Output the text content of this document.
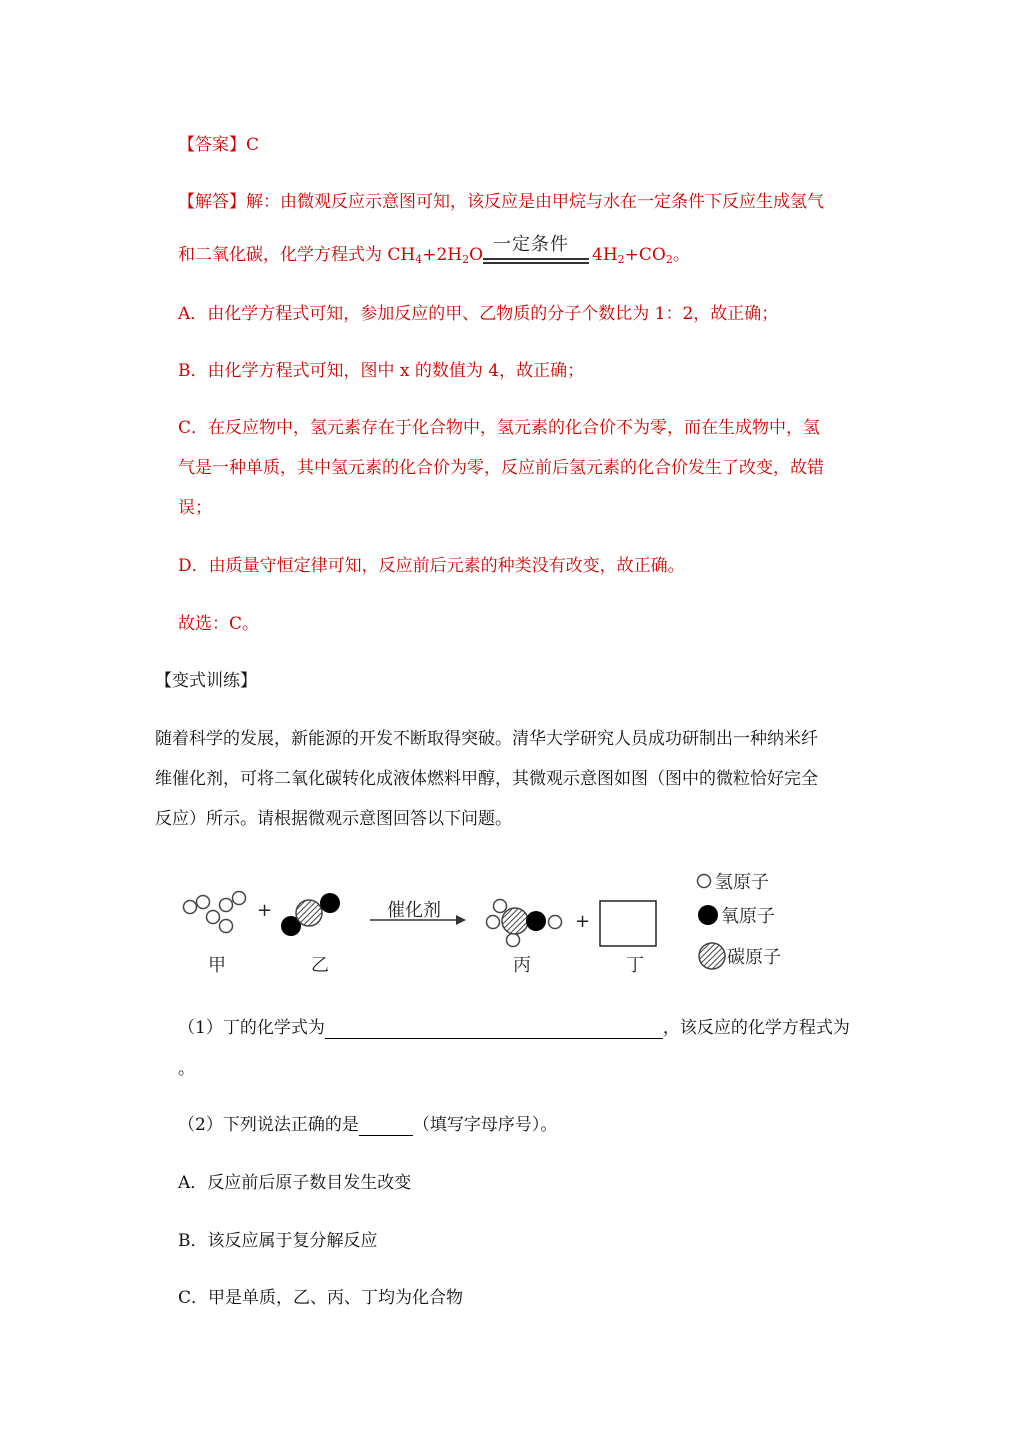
【答案】C
【解答】解：由微观反应示意图可知，该反应是由甲烷与水在一定条件下反应生成氢气
和二氧化碳，化学方程式为 $CH_4+2H_2O$ 一定条件 $4H_2+CO_2$。
A．由化学方程式可知，参加反应的甲、乙物质的分子个数比为 1：2，故正确；
B．由化学方程式可知，图中 x 的数值为 4，故正确；
C．在反应物中，氢元素存在于化合物中，氢元素的化合价不为零，而在生成物中，氢
气是一种单质，其中氢元素的化合价为零，反应前后氢元素的化合价发生了改变，故错
误；
D．由质量守恒定律可知，反应前后元素的种类没有改变，故正确。
故选：C。
【变式训练】
随着科学的发展，新能源的开发不断取得突破。清华大学研究人员成功研制出一种纳米纤
维催化剂，可将二氧化碳转化成液体燃料甲醇，其微观示意图如图（图中的微粒恰好完全
反应）所示。请根据微观示意图回答以下问题。
+	催化剂
+
甲	乙	丙	丁
氢原子
氧原子
碳原子
（1）丁的化学式为	，该反应的化学方程式为
。
（2）下列说法正确的是	（填写字母序号）。
A．反应前后原子数目发生改变
B．该反应属于复分解反应
C．甲是单质，乙、丙、丁均为化合物
